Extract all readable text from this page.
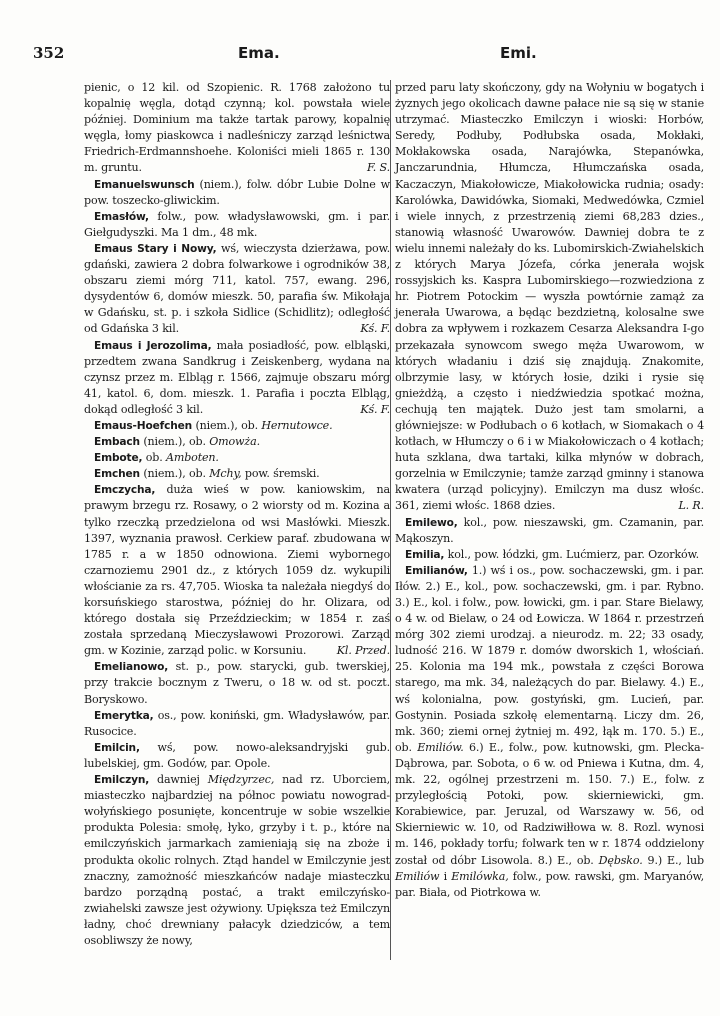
352	Ema.	Emi.

pienic, o 12 kil. od Szopienic. R. 1768 założono tu kopalnię węgla, dotąd czynną; kol. powstała wiele później. Dominium ma także tartak parowy, kopalnię węgla, łomy piaskowca i nadleśniczy zarząd leśnictwa Friedrich-Erdmannshoehe. Koloniści mieli 1865 r. 130 m. gruntu.	F. S.

Emanuelswunsch (niem.), folw. dóbr Lubie Dolne w pow. toszecko-gliwickim.

Emasłów, folw., pow. władysławowski, gm. i par. Giełgudyszki. Ma 1 dm., 48 mk.

Emaus Stary i Nowy, wś, wieczysta dzierżawa, pow. gdański, zawiera 2 dobra folwarkowe i ogrodników 38, obszaru ziemi mórg 711, katol. 757, ewang. 296, dysydentów 6, domów mieszk. 50, parafia św. Mikołaja w Gdańsku, st. p. i szkoła Sidlice (Schidlitz); odległość od Gdańska 3 kil.	Kś. F.

Emaus i Jerozolima, mała posiadłość, pow. elbląski, przedtem zwana Sandkrug i Zeiskenberg, wydana na czynsz przez m. Elbląg r. 1566, zajmuje obszaru mórg 41, katol. 6, dom. mieszk. 1. Parafia i poczta Elbląg, dokąd odległość 3 kil.	Kś. F.

Emaus-Hoefchen (niem.), ob. Hernutowce.

Embach (niem.), ob. Omowża.

Embote, ob. Amboten.

Emchen (niem.), ob. Mchy, pow. śremski.

Emczycha, duża wieś w pow. kaniowskim, na prawym brzegu rz. Rosawy, o 2 wiorsty od m. Kozina a tylko rzeczką przedzielona od wsi Masłówki. Mieszk. 1397, wyznania prawosł. Cerkiew paraf. zbudowana w 1785 r. a w 1850 odnowiona. Ziemi wybornego czarnoziemu 2901 dz., z których 1059 dz. wykupili włościanie za rs. 47,705. Wioska ta należała niegdyś do korsuńskiego starostwa, później do hr. Olizara, od którego dostała się Przeździeckim; w 1854 r. zaś została sprzedaną Mieczysławowi Prozorowi. Zarząd gm. w Kozinie, zarząd polic. w Korsuniu.	Kl. Przed.

Emelianowo, st. p., pow. starycki, gub. twerskiej, przy trakcie bocznym z Tweru, o 18 w. od st. poczt. Boryskowo.

Emerytka, os., pow. koniński, gm. Władysławów, par. Rusocice.

Emilcin, wś, pow. nowo-aleksandryjski gub. lubelskiej, gm. Godów, par. Opole.

Emilczyn, dawniej Międzyrzec, nad rz. Uborciem, miasteczko najbardziej na północ powiatu nowograd-wołyńskiego posunięte, koncentruje w sobie wszelkie produkta Polesia: smołę, łyko, grzyby i t. p., które na emilczyńskich jarmarkach zamieniają się na zboże i produkta okolic rolnych. Ztąd handel w Emilczynie jest znaczny, zamożność mieszkańców nadaje miasteczku bardzo porządną postać, a trakt emilczyńsko-zwiahelski zawsze jest ożywiony. Upiększa też Emilczyn ładny, choć drewniany pałacyk dziedziców, a tem osobliwszy że nowy,

przed paru laty skończony, gdy na Wołyniu w bogatych i żyznych jego okolicach dawne pałace nie są się w stanie utrzymać. Miasteczko Emilczyn i wioski: Horbów, Seredy, Podłuby, Podłubska osada, Mokłaki, Mokłakowska osada, Narajówka, Stepanówka, Janczarundnia, Hłumcza, Hłumczańska osada, Kaczaczyn, Miakołowicze, Miakołowicka rudnia; osady: Karolówka, Dawidówka, Siomaki, Medwedówka, Czmiel i wiele innych, z przestrzenią ziemi 68,283 dzies., stanowią własność Uwarowów. Dawniej dobra te z wielu innemi należały do ks. Lubomirskich-Zwiahelskich z których Marya Józefa, córka jenerała wojsk rossyjskich ks. Kaspra Lubomirskiego—rozwiedziona z hr. Piotrem Potockim — wyszła powtórnie zamąż za jenerała Uwarowa, a będąc bezdzietną, kolosalne swe dobra za wpływem i rozkazem Cesarza Aleksandra I-go przekazała synowcom swego męża Uwarowom, w których władaniu i dziś się znajdują. Znakomite, olbrzymie lasy, w których łosie, dziki i rysie się gnieżdżą, a często i niedźwiedzia spotkać można, cechują ten majątek. Dużo jest tam smolarni, a główniejsze: w Podłubach o 6 kotłach, w Siomakach o 4 kotłach, w Hłumczy o 6 i w Miakołowiczach o 4 kotłach; huta szklana, dwa tartaki, kilka młynów w dobrach, gorzelnia w Emilczynie; tamże zarząd gminny i stanowa kwatera (urząd policyjny). Emilczyn ma dusz włośc. 361, ziemi włośc. 1868 dzies.	L. R.

Emilewo, kol., pow. nieszawski, gm. Czamanin, par. Mąkoszyn.

Emilia, kol., pow. łódzki, gm. Lućmierz, par. Ozorków.

Emilianów, 1.) wś i os., pow. sochaczewski, gm. i par. Iłów. 2.) E., kol., pow. sochaczewski, gm. i par. Rybno. 3.) E., kol. i folw., pow. łowicki, gm. i par. Stare Bielawy, o 4 w. od Bielaw, o 24 od Łowicza. W 1864 r. przestrzeń mórg 302 ziemi urodzaj. a nieurodz. m. 22; 33 osady, ludność 216. W 1879 r. domów dworskich 1, włościań. 25. Kolonia ma 194 mk., powstała z części Borowa starego, ma mk. 34, należących do par. Bielawy. 4.) E., wś kolonialna, pow. gostyński, gm. Lucień, par. Gostynin. Posiada szkołę elementarną. Liczy dm. 26, mk. 360; ziemi ornej żytniej m. 492, łąk m. 170. 5.) E., ob. Emiliów. 6.) E., folw., pow. kutnowski, gm. Plecka-Dąbrowa, par. Sobota, o 6 w. od Pniewa i Kutna, dm. 4, mk. 22, ogólnej przestrzeni m. 150. 7.) E., folw. z przyległością Potoki, pow. skierniewicki, gm. Korabiewice, par. Jeruzal, od Warszawy w. 56, od Skierniewic w. 10, od Radziwiłłowa w. 8. Rozl. wynosi m. 146, pokłady torfu; folwark ten w r. 1874 oddzielony został od dóbr Lisowola. 8.) E., ob. Dębsko. 9.) E., lub Emiliów i Emilówka, folw., pow. rawski, gm. Maryanów, par. Biała, od Piotrkowa w.
